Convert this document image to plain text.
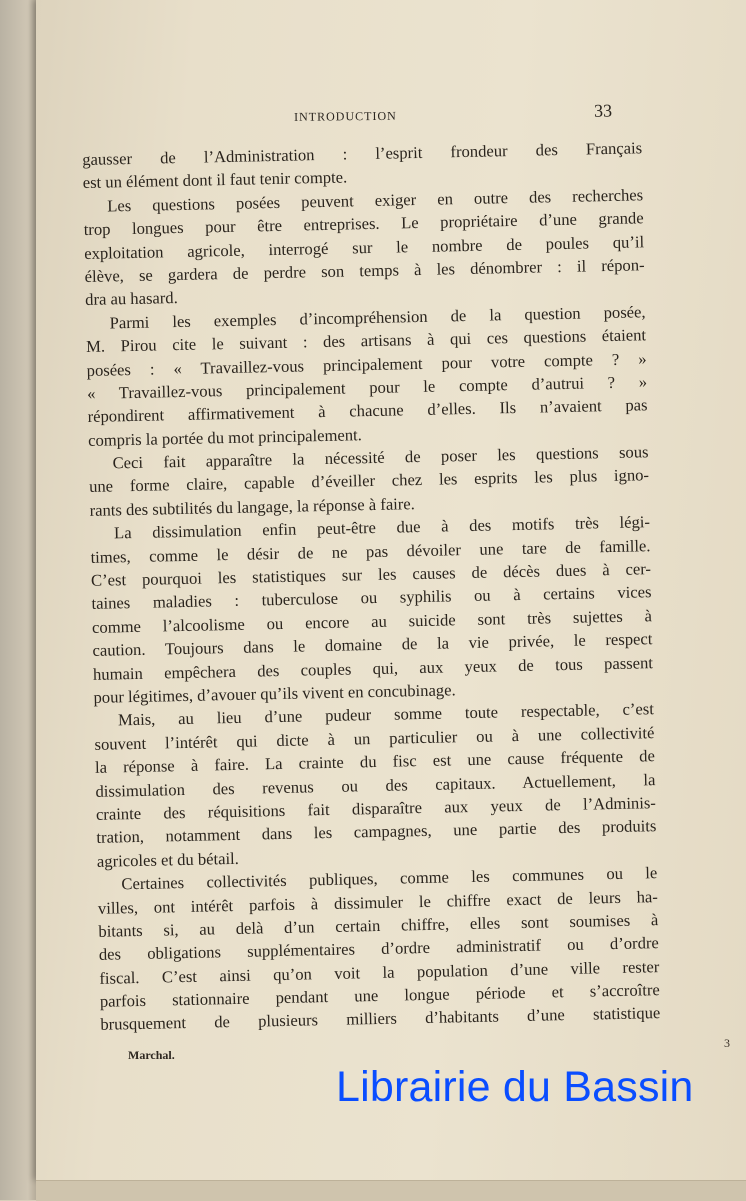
INTRODUCTION	33
gausser de l’Administration : l’esprit frondeur des Français
est un élément dont il faut tenir compte.
Les questions posées peuvent exiger en outre des recherches
trop longues pour être entreprises. Le propriétaire d’une grande
exploitation agricole, interrogé sur le nombre de poules qu’il
élève, se gardera de perdre son temps à les dénombrer : il répon-
dra au hasard.
Parmi les exemples d’incompréhension de la question posée,
M. Pirou cite le suivant : des artisans à qui ces questions étaient
posées : « Travaillez-vous principalement pour votre compte ? »
« Travaillez-vous principalement pour le compte d’autrui ? »
répondirent affirmativement à chacune d’elles. Ils n’avaient pas
compris la portée du mot principalement.
Ceci fait apparaître la nécessité de poser les questions sous
une forme claire, capable d’éveiller chez les esprits les plus igno-
rants des subtilités du langage, la réponse à faire.
La dissimulation enfin peut-être due à des motifs très légi-
times, comme le désir de ne pas dévoiler une tare de famille.
C’est pourquoi les statistiques sur les causes de décès dues à cer-
taines maladies : tuberculose ou syphilis ou à certains vices
comme l’alcoolisme ou encore au suicide sont très sujettes à
caution. Toujours dans le domaine de la vie privée, le respect
humain empêchera des couples qui, aux yeux de tous passent
pour légitimes, d’avouer qu’ils vivent en concubinage.
Mais, au lieu d’une pudeur somme toute respectable, c’est
souvent l’intérêt qui dicte à un particulier ou à une collectivité
la réponse à faire. La crainte du fisc est une cause fréquente de
dissimulation des revenus ou des capitaux. Actuellement, la
crainte des réquisitions fait disparaître aux yeux de l’Adminis-
tration, notamment dans les campagnes, une partie des produits
agricoles et du bétail.
Certaines collectivités publiques, comme les communes ou le
villes, ont intérêt parfois à dissimuler le chiffre exact de leurs ha-
bitants si, au delà d’un certain chiffre, elles sont soumises à
des obligations supplémentaires d’ordre administratif ou d’ordre
fiscal. C’est ainsi qu’on voit la population d’une ville rester
parfois stationnaire pendant une longue période et s’accroître
brusquement de plusieurs milliers d’habitants d’une statistique
Marchal.
3
Librairie du Bassin
